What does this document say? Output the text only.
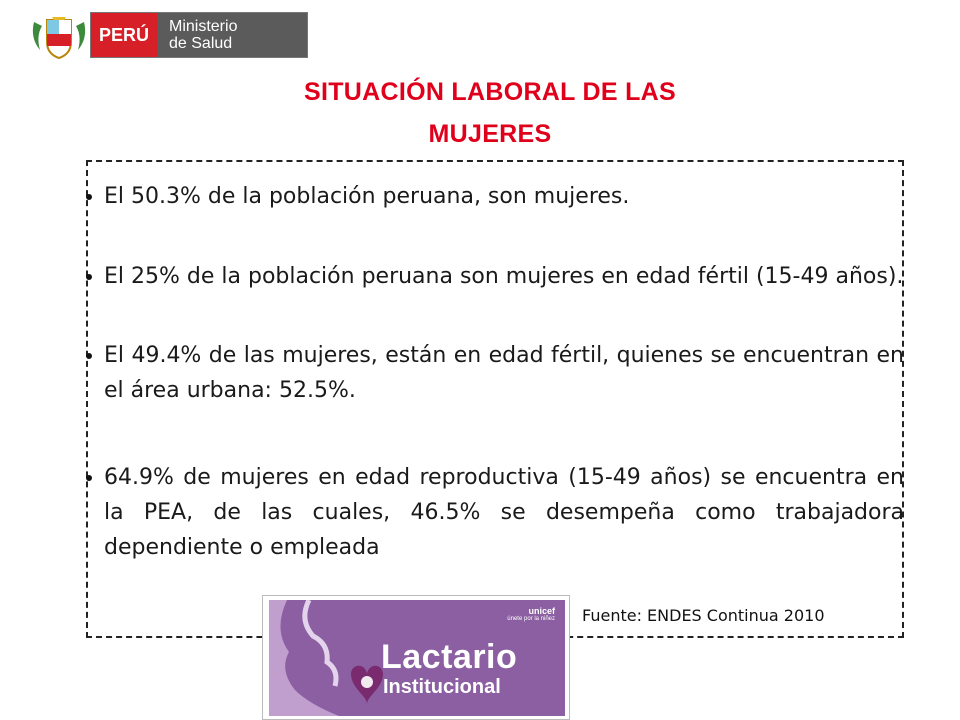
PERÚ	Ministerio
de Salud
SITUACIÓN LABORAL DE LAS
MUJERES
El 50.3% de la población peruana, son mujeres.
El 25% de la población peruana son mujeres en edad fértil (15-49 años).
El 49.4% de las mujeres, están en edad fértil, quienes se encuentran en el área urbana: 52.5%.
64.9% de mujeres en edad reproductiva (15-49 años) se encuentra en la PEA, de las cuales, 46.5% se desempeña como trabajadora dependiente o empleada
Fuente: ENDES Continua 2010
unicef
únete por la niñez
Lactario
Institucional
